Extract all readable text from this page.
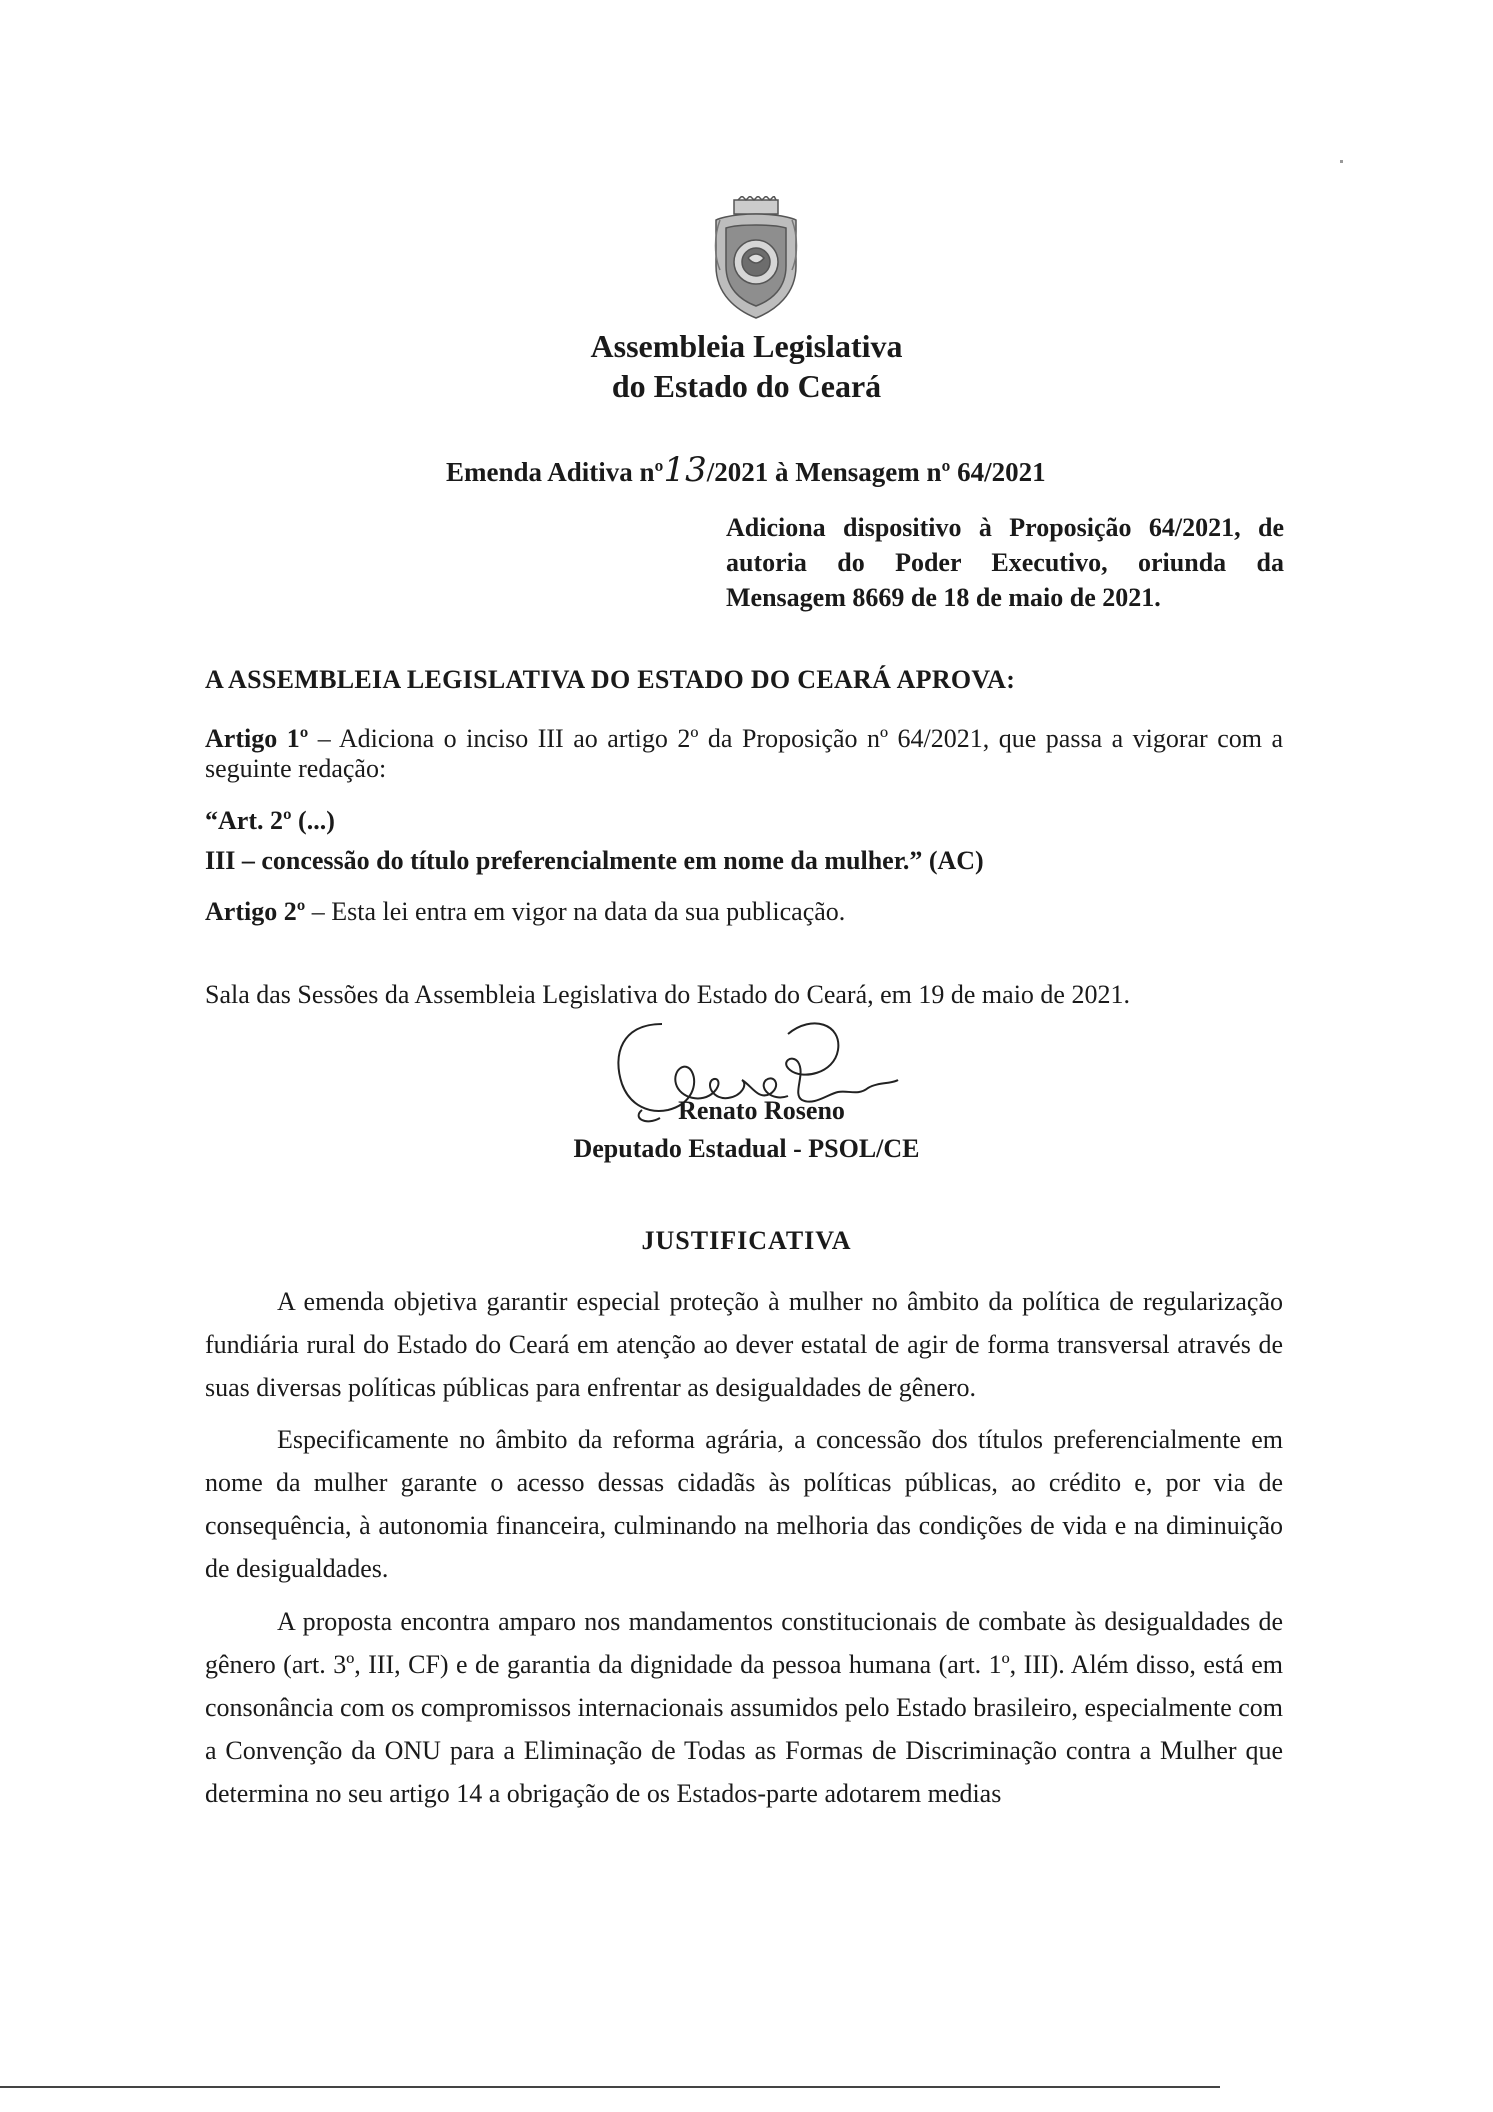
Assembleia Legislativa
do Estado do Ceará
Emenda Aditiva nº13/2021 à Mensagem nº 64/2021
Adiciona dispositivo à Proposição 64/2021, de autoria do Poder Executivo, oriunda da Mensagem 8669 de 18 de maio de 2021.
A ASSEMBLEIA LEGISLATIVA DO ESTADO DO CEARÁ APROVA:
Artigo 1º – Adiciona o inciso III ao artigo 2º da Proposição nº 64/2021, que passa a vigorar com a seguinte redação:
“Art. 2º (...)
III – concessão do título preferencialmente em nome da mulher.” (AC)
Artigo 2º – Esta lei entra em vigor na data da sua publicação.
Sala das Sessões da Assembleia Legislativa do Estado do Ceará, em 19 de maio de 2021.
Renato Roseno
Deputado Estadual - PSOL/CE
JUSTIFICATIVA
A emenda objetiva garantir especial proteção à mulher no âmbito da política de regularização fundiária rural do Estado do Ceará em atenção ao dever estatal de agir de forma transversal através de suas diversas políticas públicas para enfrentar as desigualdades de gênero.
Especificamente no âmbito da reforma agrária, a concessão dos títulos preferencialmente em nome da mulher garante o acesso dessas cidadãs às políticas públicas, ao crédito e, por via de consequência, à autonomia financeira, culminando na melhoria das condições de vida e na diminuição de desigualdades.
A proposta encontra amparo nos mandamentos constitucionais de combate às desigualdades de gênero (art. 3º, III, CF) e de garantia da dignidade da pessoa humana (art. 1º, III). Além disso, está em consonância com os compromissos internacionais assumidos pelo Estado brasileiro, especialmente com a Convenção da ONU para a Eliminação de Todas as Formas de Discriminação contra a Mulher que determina no seu artigo 14 a obrigação de os Estados-parte adotarem medias
